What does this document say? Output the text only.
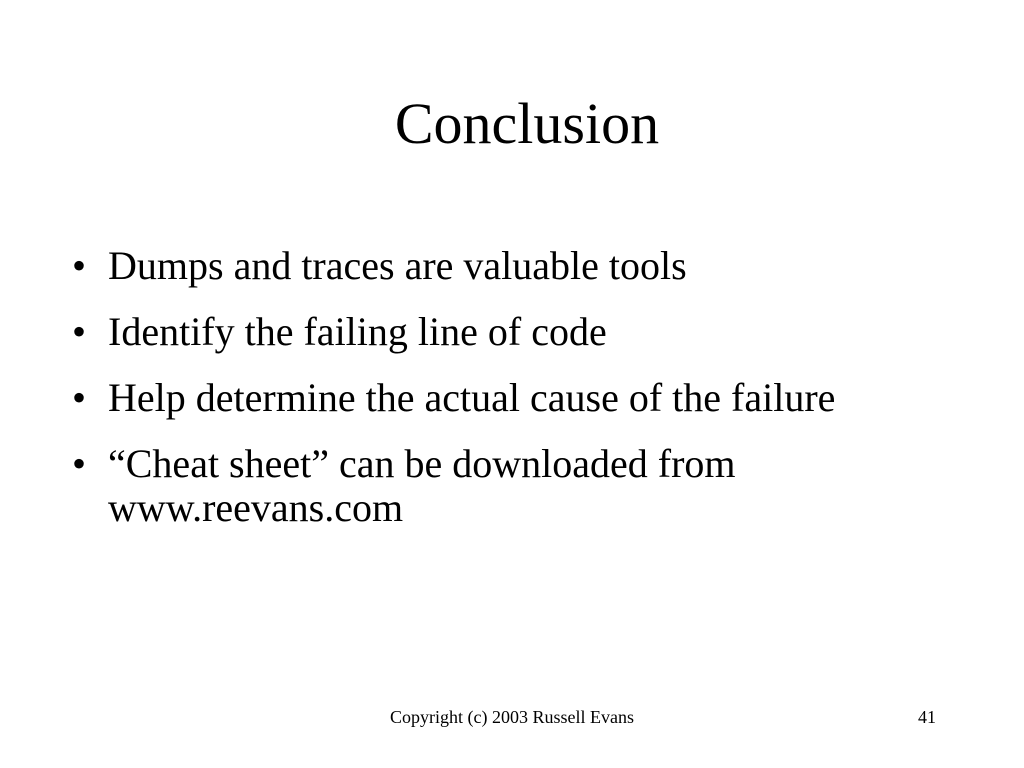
Conclusion
• Dumps and traces are valuable tools
• Identify the failing line of code
• Help determine the actual cause of the failure
• “Cheat sheet” can be downloaded from
www.reevans.com
Copyright (c) 2003 Russell Evans	41
